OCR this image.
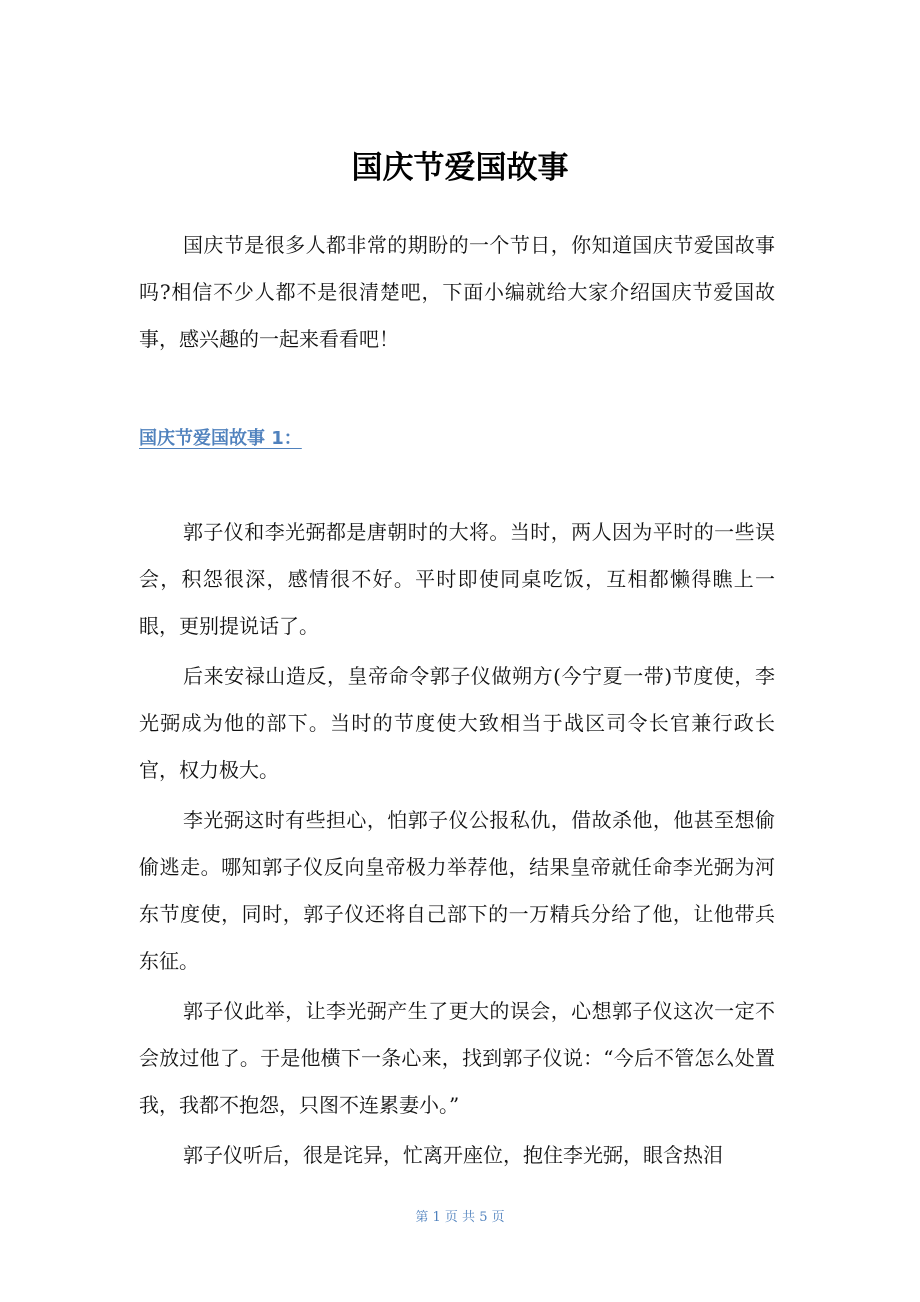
国庆节爱国故事

国庆节是很多人都非常的期盼的一个节日，你知道国庆节爱国故事吗?相信不少人都不是很清楚吧，下面小编就给大家介绍国庆节爱国故事，感兴趣的一起来看看吧！

国庆节爱国故事 1：

郭子仪和李光弼都是唐朝时的大将。当时，两人因为平时的一些误会，积怨很深，感情很不好。平时即使同桌吃饭，互相都懒得瞧上一眼，更别提说话了。

后来安禄山造反，皇帝命令郭子仪做朔方(今宁夏一带)节度使，李光弼成为他的部下。当时的节度使大致相当于战区司令长官兼行政长官，权力极大。

李光弼这时有些担心，怕郭子仪公报私仇，借故杀他，他甚至想偷偷逃走。哪知郭子仪反向皇帝极力举荐他，结果皇帝就任命李光弼为河东节度使，同时，郭子仪还将自己部下的一万精兵分给了他，让他带兵东征。

郭子仪此举，让李光弼产生了更大的误会，心想郭子仪这次一定不会放过他了。于是他横下一条心来，找到郭子仪说：“今后不管怎么处置我，我都不抱怨，只图不连累妻小。”

郭子仪听后，很是诧异，忙离开座位，抱住李光弼，眼含热泪

第 1 页 共 5 页
